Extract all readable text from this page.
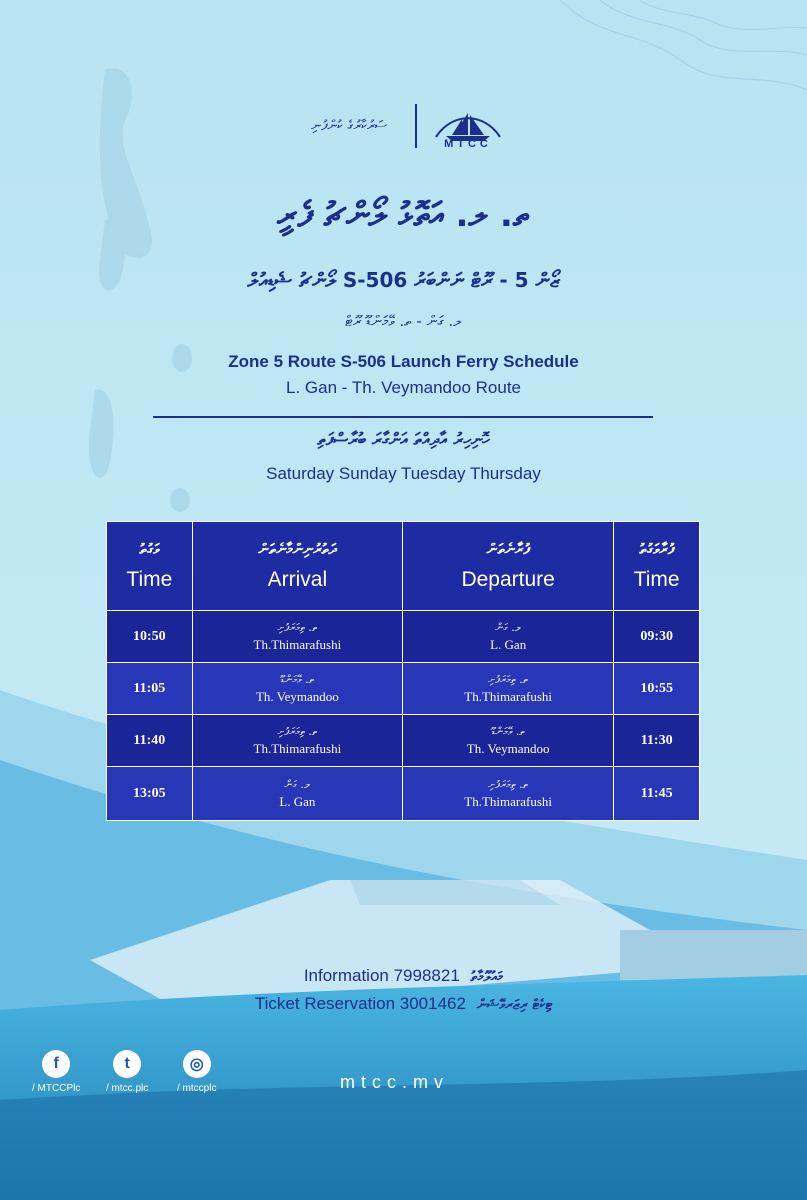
ސަރުކާރުގެ ކުންފުނި
MTCC
ތ. ލ. އަތޮޅު ލޯންޗު ފެރީ
ޒޯން 5 - ރޫޓް ނަންބަރު S-506 ލޯންޗު ޝެޑިއުލް
ލ. ގަން - ތ. ވޭމަންޑޫ ރޫޓް
Zone 5 Route S-506 Launch Ferry Schedule
L. Gan - Th. Veymandoo Route
ހޮނިހިރު އާދިއްތަ އަންގާރަ ބުރާސްފަތި
Saturday Sunday Tuesday Thursday
ވަގުތު
Time
ދަތުރުނިންމާނެތަން
Arrival
ފުރާނެތަން
Departure
ފުރާވަގުތު
Time
10:50
ތ. ތިމަރަފުށި
Th.Thimarafushi
ލ. ގަން
L. Gan
09:30
11:05
ތ. ވޭމަންޑޫ
Th. Veymandoo
ތ. ތިމަރަފުށި
Th.Thimarafushi
10:55
11:40
ތ. ތިމަރަފުށި
Th.Thimarafushi
ތ. ވޭމަންޑޫ
Th. Veymandoo
11:30
13:05
ލ. ގަން
L. Gan
ތ. ތިމަރަފުށި
Th.Thimarafushi
11:45
Information 7998821 މައުލޫމާތު
Ticket Reservation 3001462 ޓިކެޓް ރިޒަރވޭޝަން
f
/ MTCCPlc
t
/ mtcc.plc
◎
/ mtccplc	mtcc.mv
